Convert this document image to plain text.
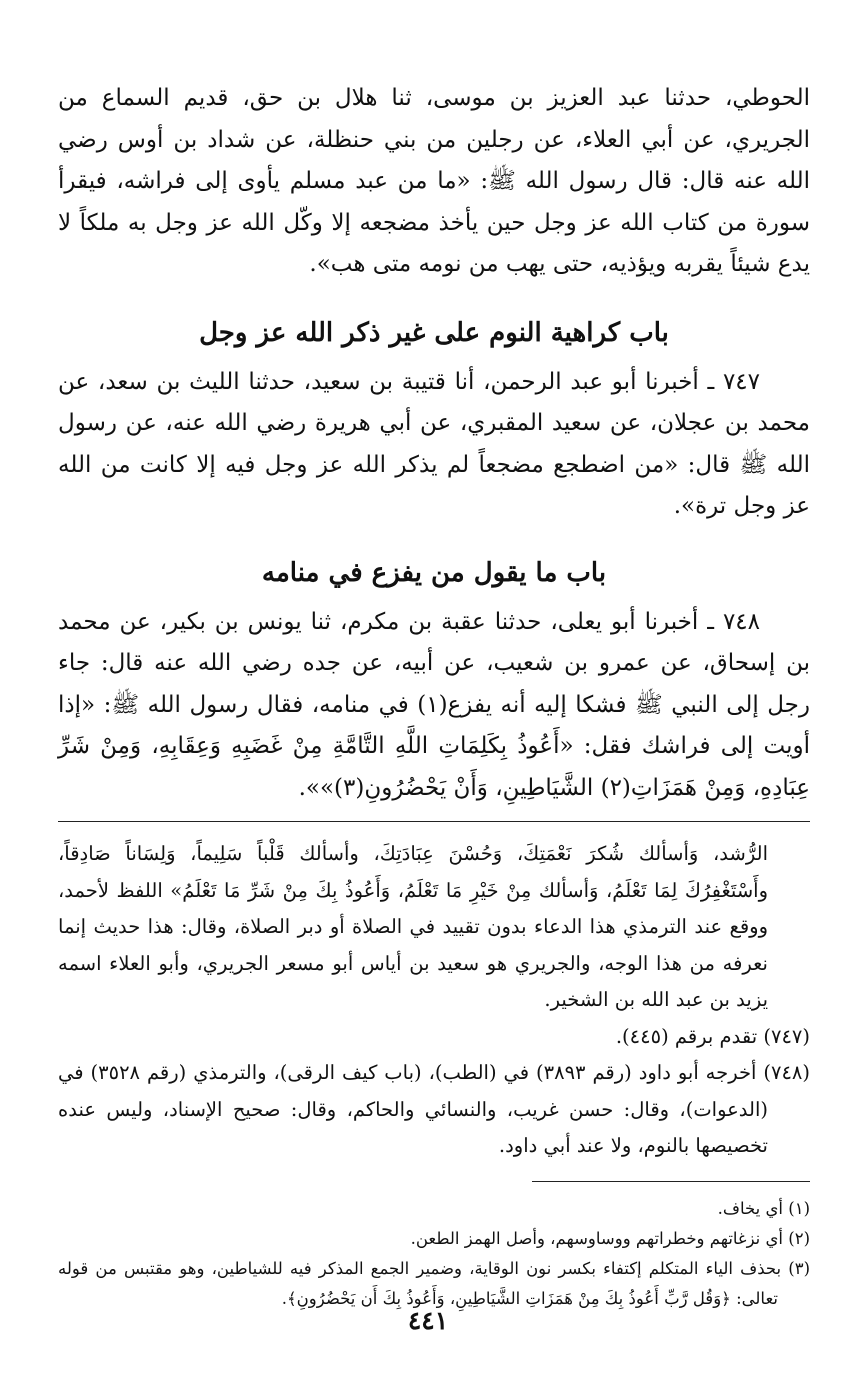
الحوطي، حدثنا عبد العزيز بن موسى، ثنا هلال بن حق، قديم السماع من الجريري، عن أبي العلاء، عن رجلين من بني حنظلة، عن شداد بن أوس رضي الله عنه قال: قال رسول الله ﷺ: «ما من عبد مسلم يأوى إلى فراشه، فيقرأ سورة من كتاب الله عز وجل حين يأخذ مضجعه إلا وكّل الله عز وجل به ملكاً لا يدع شيئاً يقربه ويؤذيه، حتى يهب من نومه متى هب».

باب كراهية النوم على غير ذكر الله عز وجل

٧٤٧ ـ أخبرنا أبو عبد الرحمن، أنا قتيبة بن سعيد، حدثنا الليث بن سعد، عن محمد بن عجلان، عن سعيد المقبري، عن أبي هريرة رضي الله عنه، عن رسول الله ﷺ قال: «من اضطجع مضجعاً لم يذكر الله عز وجل فيه إلا كانت من الله عز وجل ترة».

باب ما يقول من يفزع في منامه

٧٤٨ ـ أخبرنا أبو يعلى، حدثنا عقبة بن مكرم، ثنا يونس بن بكير، عن محمد بن إسحاق، عن عمرو بن شعيب، عن أبيه، عن جده رضي الله عنه قال: جاء رجل إلى النبي ﷺ فشكا إليه أنه يفزع(١) في منامه، فقال رسول الله ﷺ: «إذا أويت إلى فراشك فقل: «أَعُوذُ بِكَلِمَاتِ اللَّهِ التَّامَّةِ مِنْ غَضَبِهِ وَعِقَابِهِ، وَمِنْ شَرِّ عِبَادِهِ، وَمِنْ هَمَزَاتِ(٢) الشَّيَاطِينِ، وَأَنْ يَحْضُرُونِ(٣)»».

الرُّشد، وَأسألك شُكرَ نَعْمَتِكَ، وَحُسْنَ عِبَادَتِكَ، وأسألك قَلْباً سَلِيماً، وَلِسَاناً صَادِقاً، وأَسْتَغْفِرُكَ لِمَا تَعْلَمُ، وَأسألك مِنْ خَيْرِ مَا تَعْلَمُ، وَأَعُوذُ بِكَ مِنْ شَرِّ مَا تَعْلَمُ» اللفظ لأحمد، ووقع عند الترمذي هذا الدعاء بدون تقييد في الصلاة أو دبر الصلاة، وقال: هذا حديث إنما نعرفه من هذا الوجه، والجريري هو سعيد بن أياس أبو مسعر الجريري، وأبو العلاء اسمه يزيد بن عبد الله بن الشخير.

(٧٤٧) تقدم برقم (٤٤٥).

(٧٤٨) أخرجه أبو داود (رقم ٣٨٩٣) في (الطب)، (باب كيف الرقى)، والترمذي (رقم ٣٥٢٨) في (الدعوات)، وقال: حسن غريب، والنسائي والحاكم، وقال: صحيح الإسناد، وليس عنده تخصيصها بالنوم، ولا عند أبي داود.

(١) أي يخاف.

(٢) أي نزغاتهم وخطراتهم ووساوسهم، وأصل الهمز الطعن.

(٣) بحذف الياء المتكلم إكتفاء بكسر نون الوقاية، وضمير الجمع المذكر فيه للشياطين، وهو مقتبس من قوله تعالى: ﴿وَقُل رَّبِّ أَعُوذُ بِكَ مِنْ هَمَزَاتِ الشَّيَاطِينِ، وَأَعُوذُ بِكَ أَن يَحْضُرُونِ﴾.

٤٤١
